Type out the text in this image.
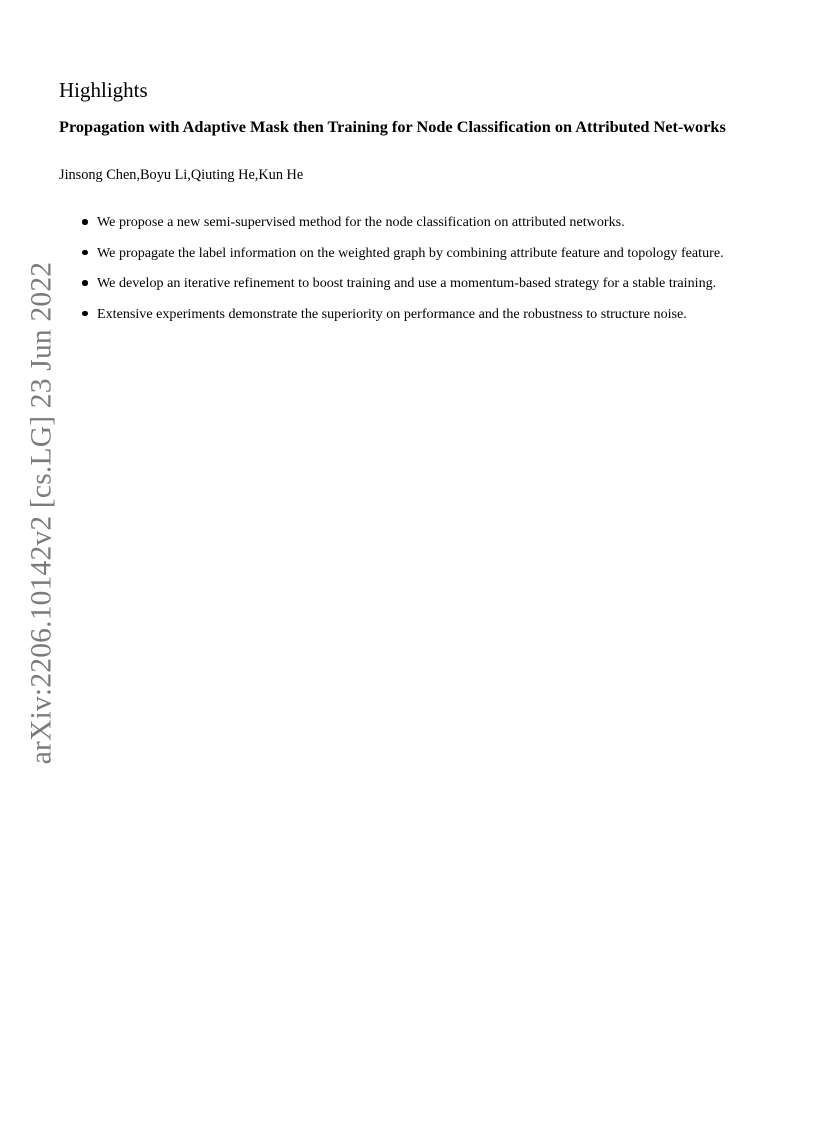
arXiv:2206.10142v2 [cs.LG] 23 Jun 2022
Highlights
Propagation with Adaptive Mask then Training for Node Classification on Attributed Net-works

Jinsong Chen,Boyu Li,Qiuting He,Kun He

We propose a new semi-supervised method for the node classification on attributed networks.
We propagate the label information on the weighted graph by combining attribute feature and topology feature.
We develop an iterative refinement to boost training and use a momentum-based strategy for a stable training.
Extensive experiments demonstrate the superiority on performance and the robustness to structure noise.
